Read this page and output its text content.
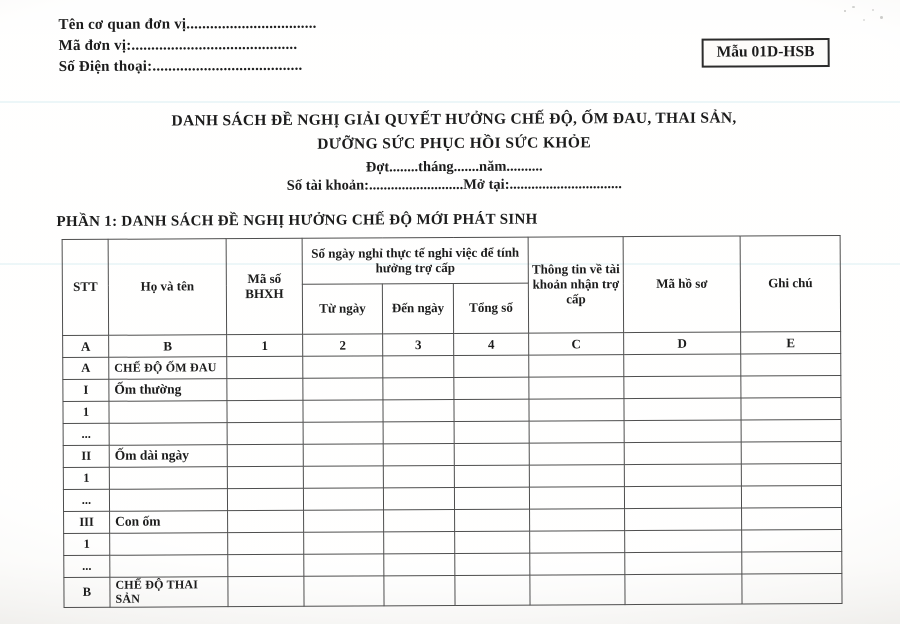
Tên cơ quan đơn vị.................................
Mã đơn vị:..........................................
Số Điện thoại:......................................
Mẫu 01D-HSB
DANH SÁCH ĐỀ NGHỊ GIẢI QUYẾT HƯỞNG CHẾ ĐỘ, ỐM ĐAU, THAI SẢN,
DƯỠNG SỨC PHỤC HỒI SỨC KHỎE
Đợt........tháng.......năm..........
Số tài khoản:..........................Mở tại:...............................
PHẦN 1: DANH SÁCH ĐỀ NGHỊ HƯỞNG CHẾ ĐỘ MỚI PHÁT SINH
STT	Họ và tên	Mã số BHXH	Số ngày nghỉ thực tế nghỉ việc để tính hưởng trợ cấp			Thông tin về tài khoản nhận trợ cấp	Mã hồ sơ	Ghi chú
			Từ ngày	Đến ngày	Tổng số			
A	B	1	2	3	4	C	D	E
A	CHẾ ĐỘ ỐM ĐAU							
I	Ốm thường							
1								
...								
II	Ốm dài ngày							
1								
...								
III	Con ốm							
1								
...								
B	CHẾ ĐỘ THAI SẢN							
